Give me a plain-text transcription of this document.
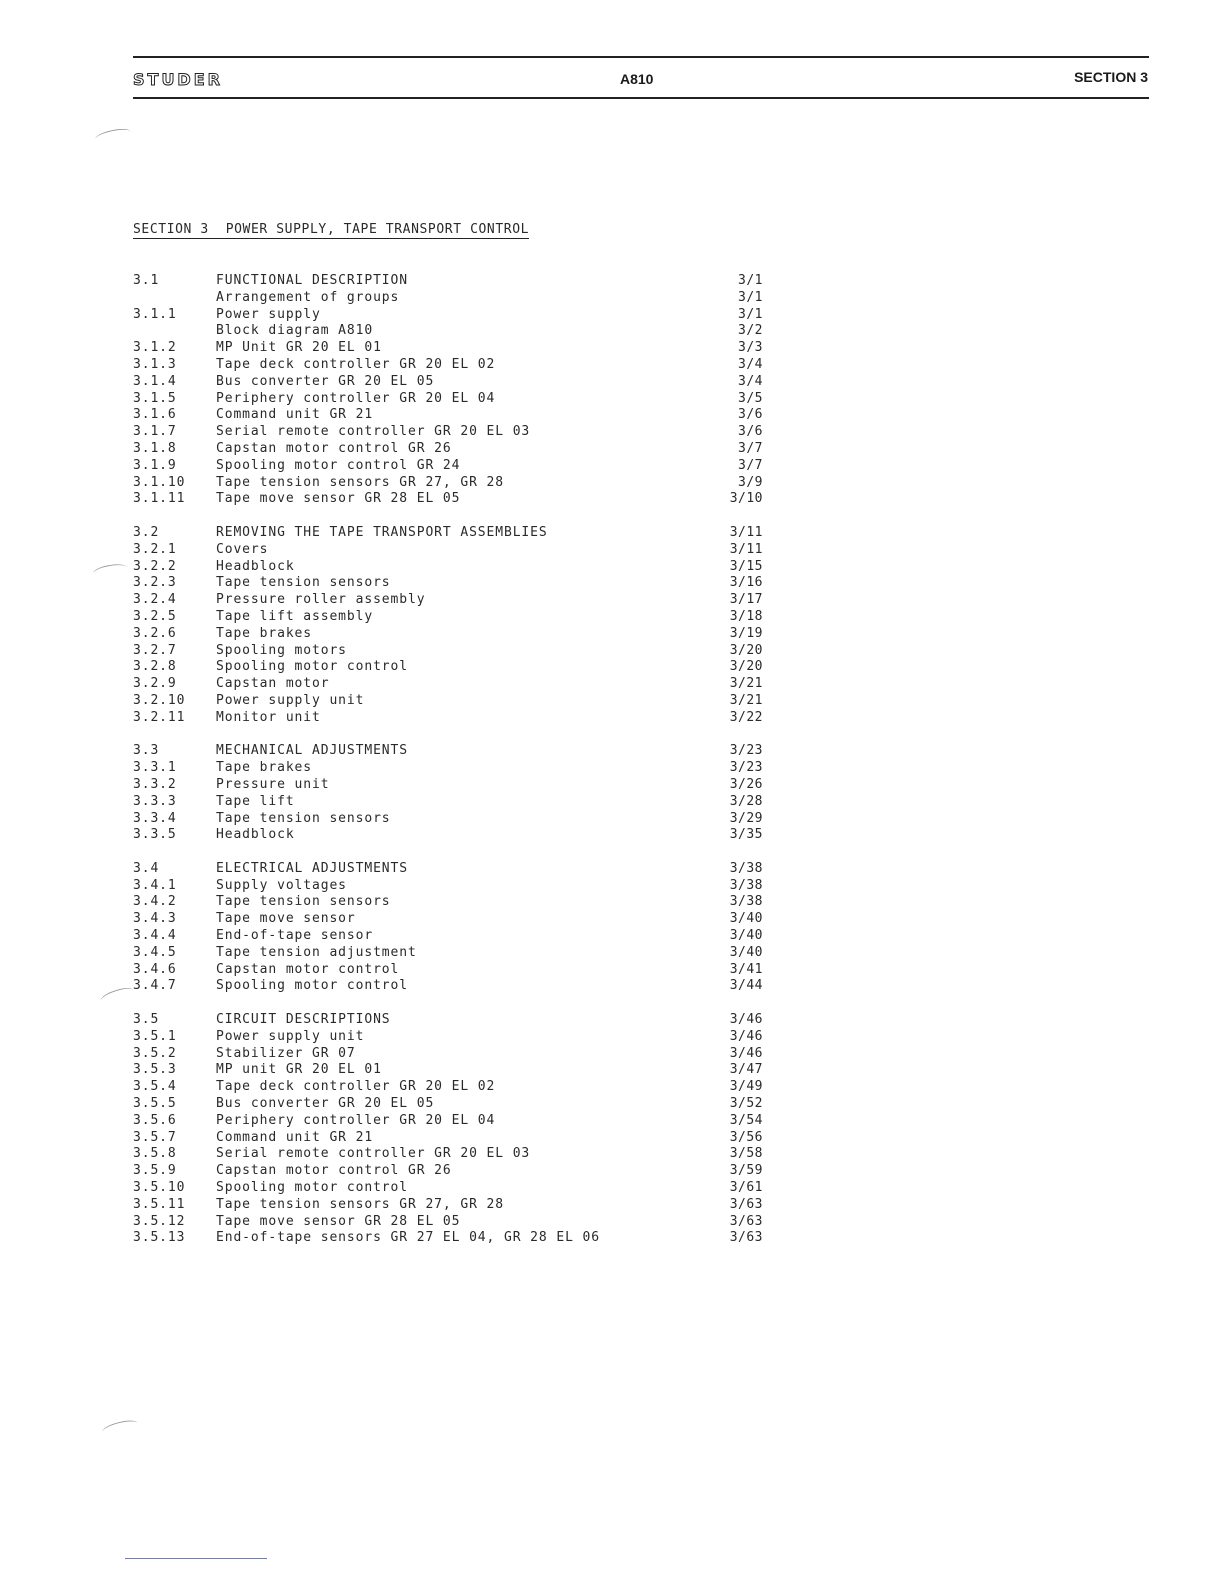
STUDER	A810	SECTION 3
SECTION 3  POWER SUPPLY, TAPE TRANSPORT CONTROL
3.1	FUNCTIONAL DESCRIPTION	3/1
Arrangement of groups	3/1
3.1.1	Power supply	3/1
Block diagram A810	3/2
3.1.2	MP Unit GR 20 EL 01	3/3
3.1.3	Tape deck controller GR 20 EL 02	3/4
3.1.4	Bus converter GR 20 EL 05	3/4
3.1.5	Periphery controller GR 20 EL 04	3/5
3.1.6	Command unit GR 21	3/6
3.1.7	Serial remote controller GR 20 EL 03	3/6
3.1.8	Capstan motor control GR 26	3/7
3.1.9	Spooling motor control GR 24	3/7
3.1.10 Tape tension sensors GR 27, GR 28	3/9
3.1.11 Tape move sensor GR 28 EL 05	3/10
3.2	REMOVING THE TAPE TRANSPORT ASSEMBLIES	3/11
3.2.1	Covers	3/11
3.2.2	Headblock	3/15
3.2.3	Tape tension sensors	3/16
3.2.4	Pressure roller assembly	3/17
3.2.5	Tape lift assembly	3/18
3.2.6	Tape brakes	3/19
3.2.7	Spooling motors	3/20
3.2.8	Spooling motor control	3/20
3.2.9	Capstan motor	3/21
3.2.10 Power supply unit	3/21
3.2.11 Monitor unit	3/22
3.3	MECHANICAL ADJUSTMENTS	3/23
3.3.1	Tape brakes	3/23
3.3.2	Pressure unit	3/26
3.3.3	Tape lift	3/28
3.3.4	Tape tension sensors	3/29
3.3.5	Headblock	3/35
3.4	ELECTRICAL ADJUSTMENTS	3/38
3.4.1	Supply voltages	3/38
3.4.2	Tape tension sensors	3/38
3.4.3	Tape move sensor	3/40
3.4.4	End-of-tape sensor	3/40
3.4.5	Tape tension adjustment	3/40
3.4.6	Capstan motor control	3/41
3.4.7	Spooling motor control	3/44
3.5	CIRCUIT DESCRIPTIONS	3/46
3.5.1	Power supply unit	3/46
3.5.2	Stabilizer GR 07	3/46
3.5.3	MP unit GR 20 EL 01	3/47
3.5.4	Tape deck controller GR 20 EL 02	3/49
3.5.5	Bus converter GR 20 EL 05	3/52
3.5.6	Periphery controller GR 20 EL 04	3/54
3.5.7	Command unit GR 21	3/56
3.5.8	Serial remote controller GR 20 EL 03	3/58
3.5.9	Capstan motor control GR 26	3/59
3.5.10 Spooling motor control	3/61
3.5.11 Tape tension sensors GR 27, GR 28	3/63
3.5.12 Tape move sensor GR 28 EL 05	3/63
3.5.13 End-of-tape sensors GR 27 EL 04, GR 28 EL 06	3/63
